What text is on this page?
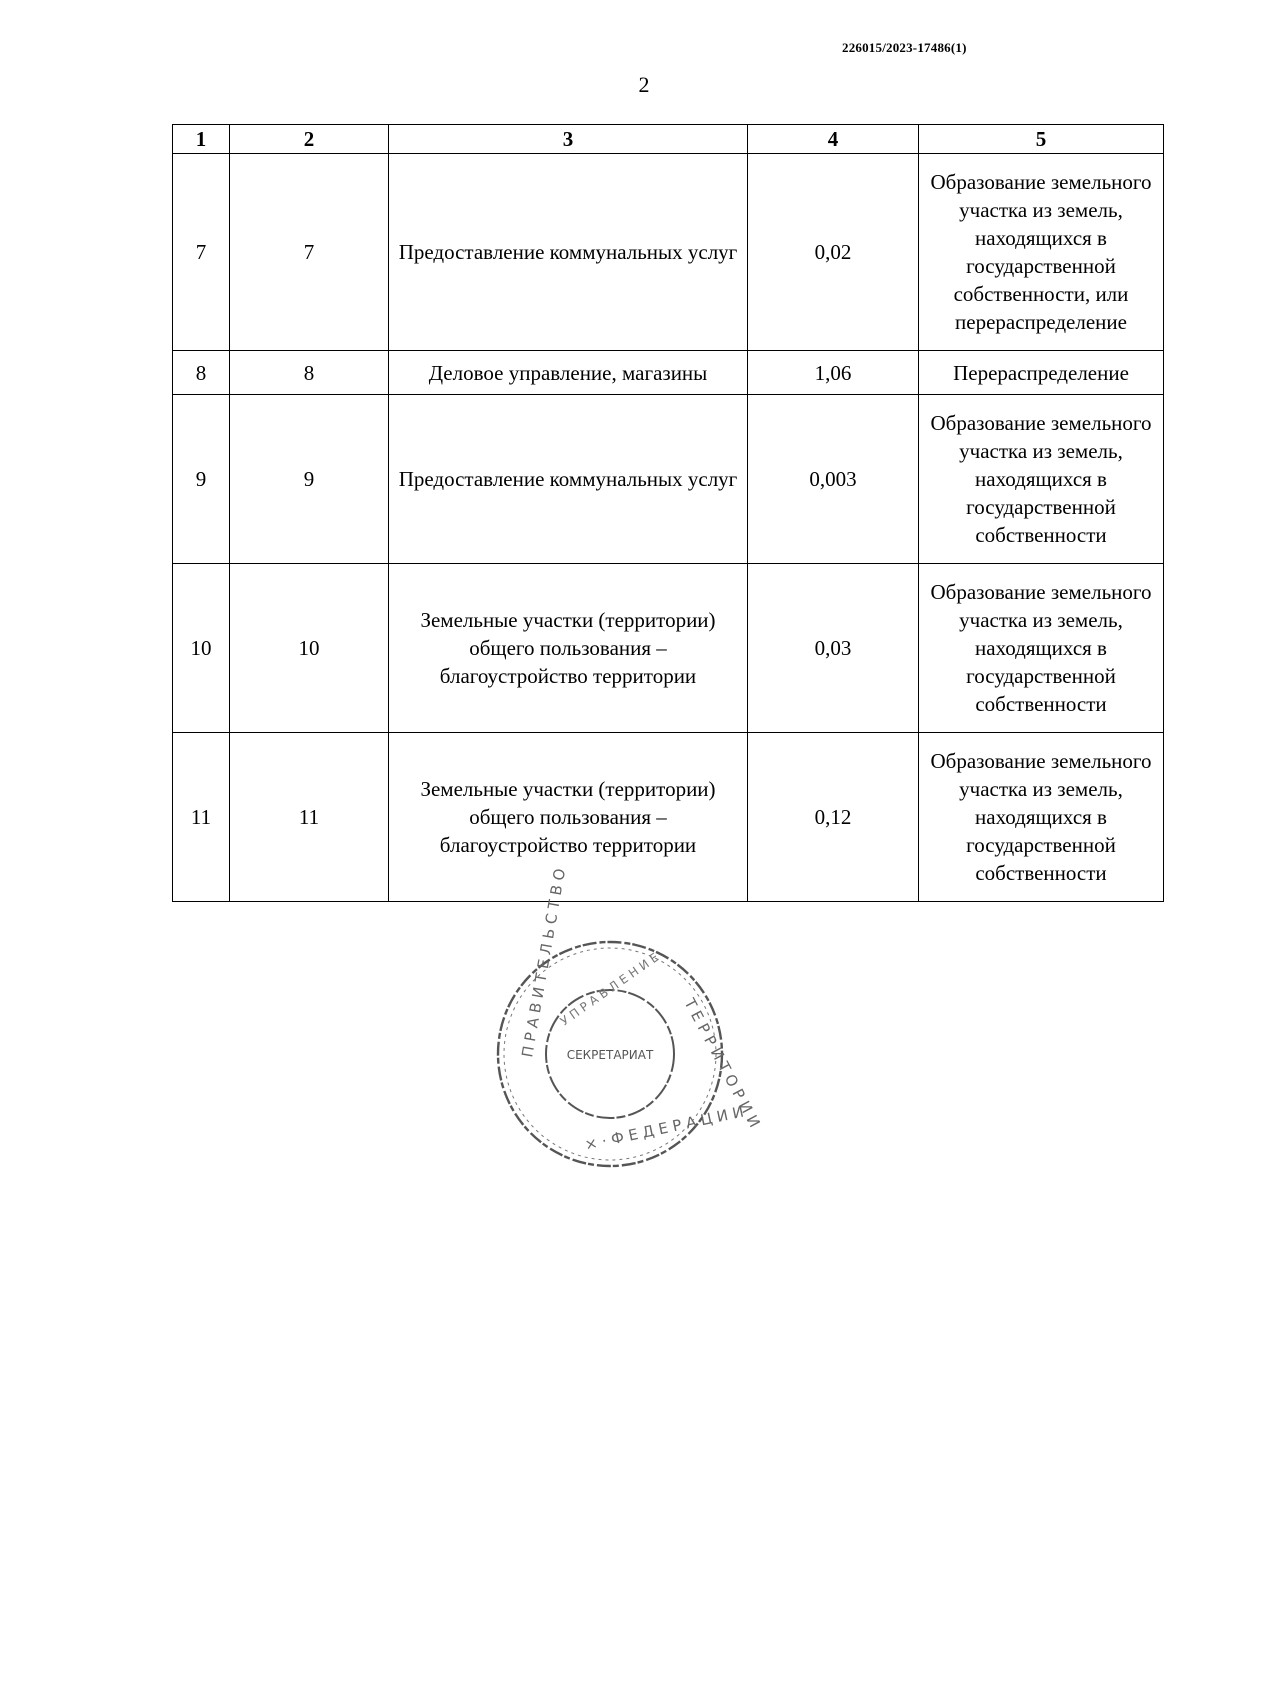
226015/2023-17486(1)
2
1	2	3	4	5
7	7	Предоставление коммунальных услуг	0,02	Образование земельного участка из земель, находящихся в государственной собственности, или перераспределение
8	8	Деловое управление, магазины	1,06	Перераспределение
9	9	Предоставление коммунальных услуг	0,003	Образование земельного участка из земель, находящихся в государственной собственности
10	10	Земельные участки (территории) общего пользования – благоустройство территории	0,03	Образование земельного участка из земель, находящихся в государственной собственности
11	11	Земельные участки (территории) общего пользования – благоустройство территории	0,12	Образование земельного участка из земель, находящихся в государственной собственности
П Р А В И Т Е Л Ь С Т В О
Т Е Р Р И Т О Р И И
× · Ф Е Д Е Р А Ц И И
У П Р А В Л Е Н И Е
СЕКРЕТАРИАТ
